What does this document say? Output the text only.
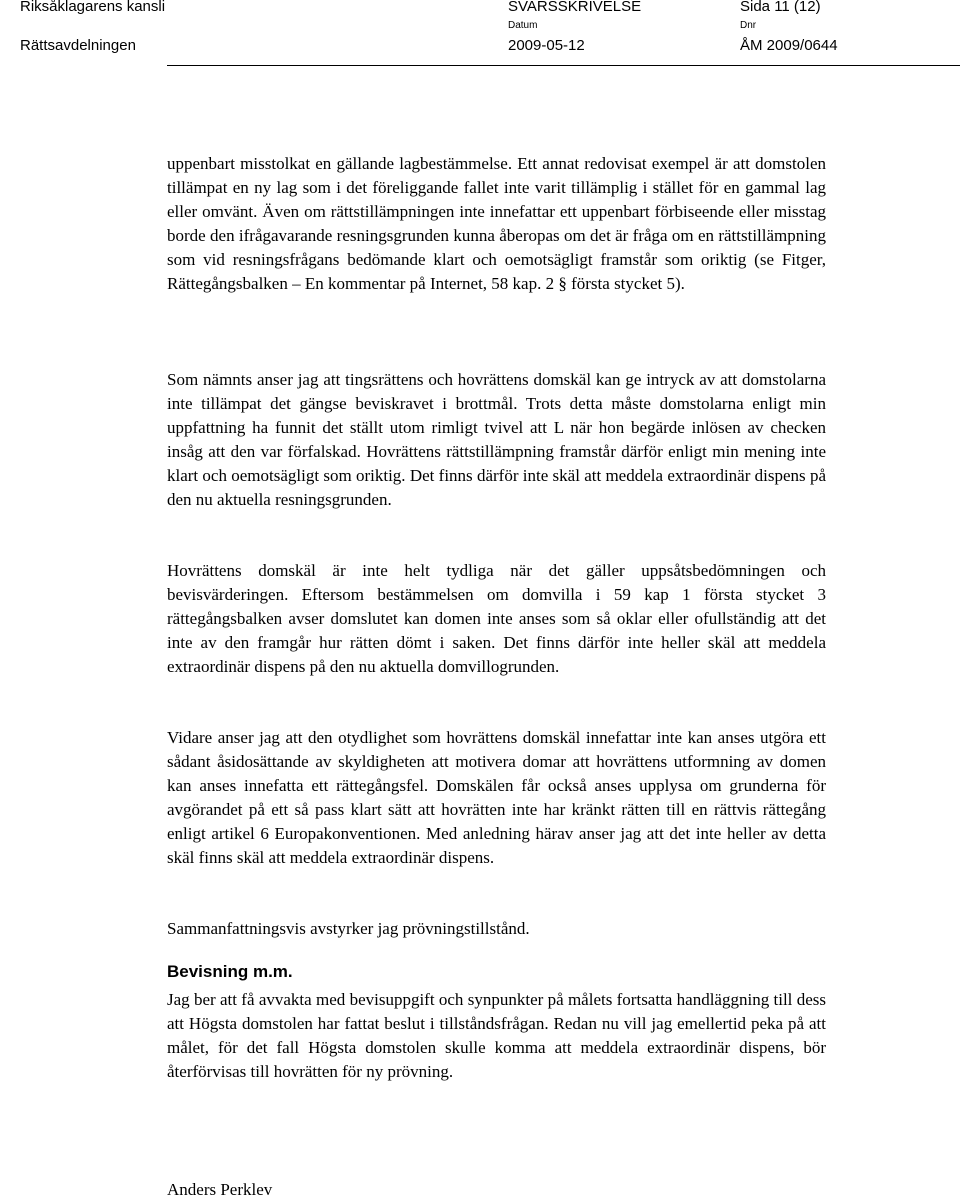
Riksåklagarens kansli
Rättsavdelningen
SVARSSKRIVELSE
Datum
2009-05-12
Sida 11 (12)
Dnr
ÅM 2009/0644

uppenbart misstolkat en gällande lagbestämmelse. Ett annat redovisat exempel är att domstolen tillämpat en ny lag som i det föreliggande fallet inte varit tillämplig i stället för en gammal lag eller omvänt. Även om rättstillämpningen inte innefattar ett uppenbart förbiseende eller misstag borde den ifrågavarande resningsgrunden kunna åberopas om det är fråga om en rättstillämpning som vid resningsfrågans bedömande klart och oemotsägligt framstår som oriktig (se Fitger, Rättegångsbalken – En kommentar på Internet, 58 kap. 2 § första stycket 5).

Som nämnts anser jag att tingsrättens och hovrättens domskäl kan ge intryck av att domstolarna inte tillämpat det gängse beviskravet i brottmål. Trots detta måste domstolarna enligt min uppfattning ha funnit det ställt utom rimligt tvivel att L när hon begärde inlösen av checken insåg att den var förfalskad. Hovrättens rättstillämpning framstår därför enligt min mening inte klart och oemotsägligt som oriktig. Det finns därför inte skäl att meddela extraordinär dispens på den nu aktuella resningsgrunden.

Hovrättens domskäl är inte helt tydliga när det gäller uppsåtsbedömningen och bevisvärderingen. Eftersom bestämmelsen om domvilla i 59 kap 1 första stycket 3 rättegångsbalken avser domslutet kan domen inte anses som så oklar eller ofullständig att det inte av den framgår hur rätten dömt i saken. Det finns därför inte heller skäl att meddela extraordinär dispens på den nu aktuella domvillogrunden.

Vidare anser jag att den otydlighet som hovrättens domskäl innefattar inte kan anses utgöra ett sådant åsidosättande av skyldigheten att motivera domar att hovrättens utformning av domen kan anses innefatta ett rättegångsfel. Domskälen får också anses upplysa om grunderna för avgörandet på ett så pass klart sätt att hovrätten inte har kränkt rätten till en rättvis rättegång enligt artikel 6 Europakonventionen. Med anledning härav anser jag att det inte heller av detta skäl finns skäl att meddela extraordinär dispens.

Sammanfattningsvis avstyrker jag prövningstillstånd.

Bevisning m.m.

Jag ber att få avvakta med bevisuppgift och synpunkter på målets fortsatta handläggning till dess att Högsta domstolen har fattat beslut i tillståndsfrågan. Redan nu vill jag emellertid peka på att målet, för det fall Högsta domstolen skulle komma att meddela extraordinär dispens, bör återförvisas till hovrätten för ny prövning.

Anders Perklev
